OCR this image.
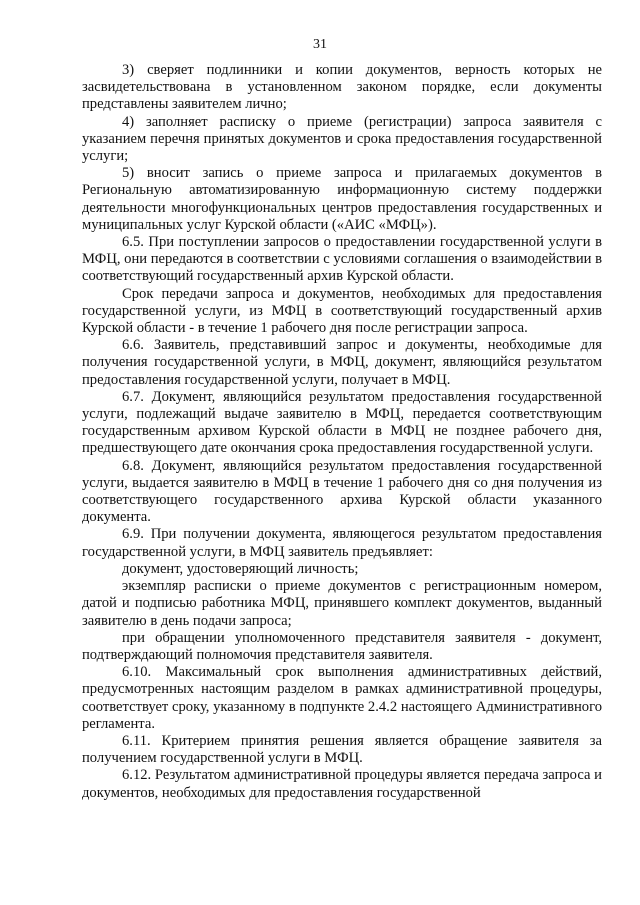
31

3) сверяет подлинники и копии документов, верность которых не засвидетельствована в установленном законом порядке, если документы представлены заявителем лично;

4) заполняет расписку о приеме (регистрации) запроса заявителя с указанием перечня принятых документов и срока предоставления государственной услуги;

5) вносит запись о приеме запроса и прилагаемых документов в Региональную автоматизированную информационную систему поддержки деятельности многофункциональных центров предоставления государственных и муниципальных услуг Курской области («АИС «МФЦ»).

6.5. При поступлении запросов о предоставлении государственной услуги в МФЦ, они передаются в соответствии с условиями соглашения о взаимодействии в соответствующий государственный архив Курской области.

Срок передачи запроса и документов, необходимых для предоставления государственной услуги, из МФЦ в соответствующий государственный архив Курской области - в течение 1 рабочего дня после регистрации запроса.

6.6. Заявитель, представивший запрос и документы, необходимые для получения государственной услуги, в МФЦ, документ, являющийся результатом предоставления государственной услуги, получает в МФЦ.

6.7. Документ, являющийся результатом предоставления государственной услуги, подлежащий выдаче заявителю в МФЦ, передается соответствующим государственным архивом Курской области в МФЦ не позднее рабочего дня, предшествующего дате окончания срока предоставления государственной услуги.

6.8. Документ, являющийся результатом предоставления государственной услуги, выдается заявителю в МФЦ в течение 1 рабочего дня со дня получения из соответствующего государственного архива Курской области указанного документа.

6.9. При получении документа, являющегося результатом предоставления государственной услуги, в МФЦ заявитель предъявляет:

документ, удостоверяющий личность;

экземпляр расписки о приеме документов с регистрационным номером, датой и подписью работника МФЦ, принявшего комплект документов, выданный заявителю в день подачи запроса;

при обращении уполномоченного представителя заявителя - документ, подтверждающий полномочия представителя заявителя.

6.10. Максимальный срок выполнения административных действий, предусмотренных настоящим разделом в рамках административной процедуры, соответствует сроку, указанному в подпункте 2.4.2 настоящего Административного регламента.

6.11. Критерием принятия решения является обращение заявителя за получением государственной услуги в МФЦ.

6.12. Результатом административной процедуры является передача запроса и документов, необходимых для предоставления государственной
